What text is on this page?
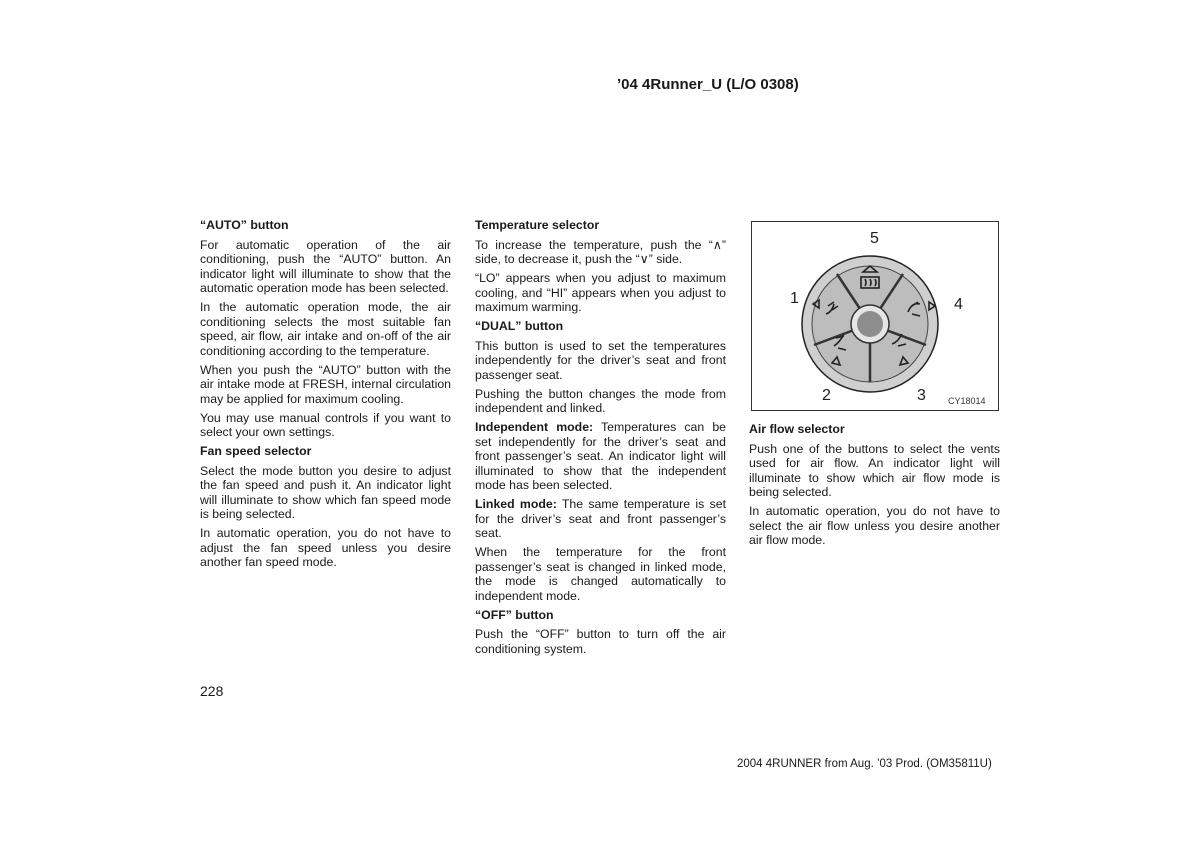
’04 4Runner_U (L/O 0308)
“AUTO” button

For automatic operation of the air conditioning, push the “AUTO” button. An indicator light will illuminate to show that the automatic operation mode has been selected.

In the automatic operation mode, the air conditioning selects the most suitable fan speed, air flow, air intake and on-off of the air conditioning according to the temperature.

When you push the “AUTO” button with the air intake mode at FRESH, internal circulation may be applied for maximum cooling.

You may use manual controls if you want to select your own settings.

Fan speed selector

Select the mode button you desire to adjust the fan speed and push it. An indicator light will illuminate to show which fan speed mode is being selected.

In automatic operation, you do not have to adjust the fan speed unless you desire another fan speed mode.

Temperature selector

To increase the temperature, push the “∧” side, to decrease it, push the “∨” side.

“LO” appears when you adjust to maximum cooling, and “HI” appears when you adjust to maximum warming.

“DUAL” button

This button is used to set the temperatures independently for the driver’s seat and front passenger seat.

Pushing the button changes the mode from independent and linked.

Independent mode: Temperatures can be set independently for the driver’s seat and front passenger’s seat. An indicator light will illuminated to show that the independent mode has been selected.

Linked mode: The same temperature is set for the driver’s seat and front passenger’s seat.

When the temperature for the front passenger’s seat is changed in linked mode, the mode is changed automatically to independent mode.

“OFF” button

Push the “OFF” button to turn off the air conditioning system.

1
2	3
4
5
CY18014
Air flow selector

Push one of the buttons to select the vents used for air flow. An indicator light will illuminate to show which air flow mode is being selected.

In automatic operation, you do not have to select the air flow unless you desire another air flow mode.

228
2004 4RUNNER from Aug. ’03 Prod. (OM35811U)
